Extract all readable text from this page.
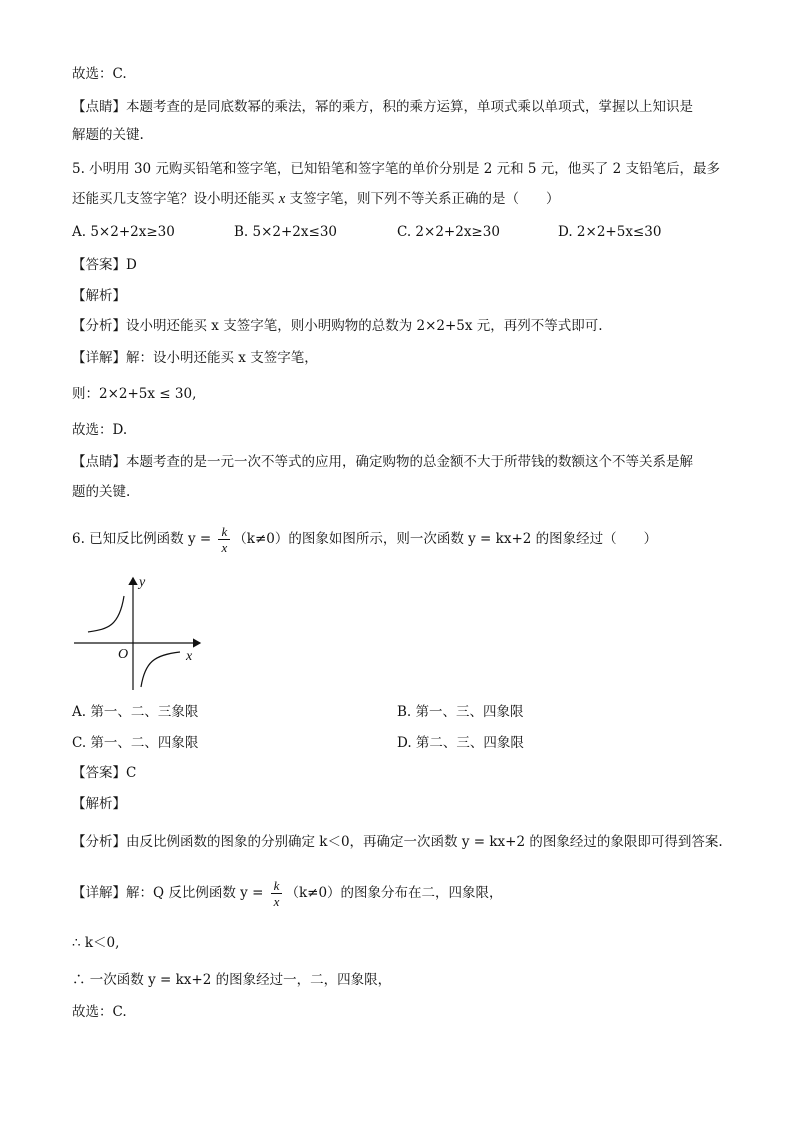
故选：C.
【点睛】本题考查的是同底数幂的乘法，幂的乘方，积的乘方运算，单项式乘以单项式，掌握以上知识是
解题的关键.
5. 小明用 30 元购买铅笔和签字笔，已知铅笔和签字笔的单价分别是 2 元和 5 元，他买了 2 支铅笔后，最多
还能买几支签字笔？设小明还能买 x 支签字笔，则下列不等关系正确的是（　　）
A. 5×2+2x≥30	B. 5×2+2x≤30	C. 2×2+2x≥30	D. 2×2+5x≤30
【答案】D
【解析】
【分析】设小明还能买 x 支签字笔，则小明购物的总数为 2×2+5x 元，再列不等式即可.
【详解】解：设小明还能买 x 支签字笔，
则：2×2+5x ≤ 30,
故选：D.
【点睛】本题考查的是一元一次不等式的应用，确定购物的总金额不大于所带钱的数额这个不等关系是解
题的关键.
6. 已知反比例函数 $y = \frac{k}{x} (k\ne 0)$的图象如图所示，则一次函数 y = kx+2 的图象经过（　　）
y
x
O
A. 第一、二、三象限	B. 第一、三、四象限
C. 第一、二、四象限	D. 第二、三、四象限
【答案】C
【解析】
【分析】由反比例函数的图象的分别确定 k＜0，再确定一次函数 y = kx+2 的图象经过的象限即可得到答案.
【详解】解：Q 反比例函数 $y = \frac{k}{x} (k\ne 0)$的图象分布在二，四象限，
∴ k＜0,
∴ 一次函数 y = kx+2 的图象经过一，二，四象限，
故选：C.
